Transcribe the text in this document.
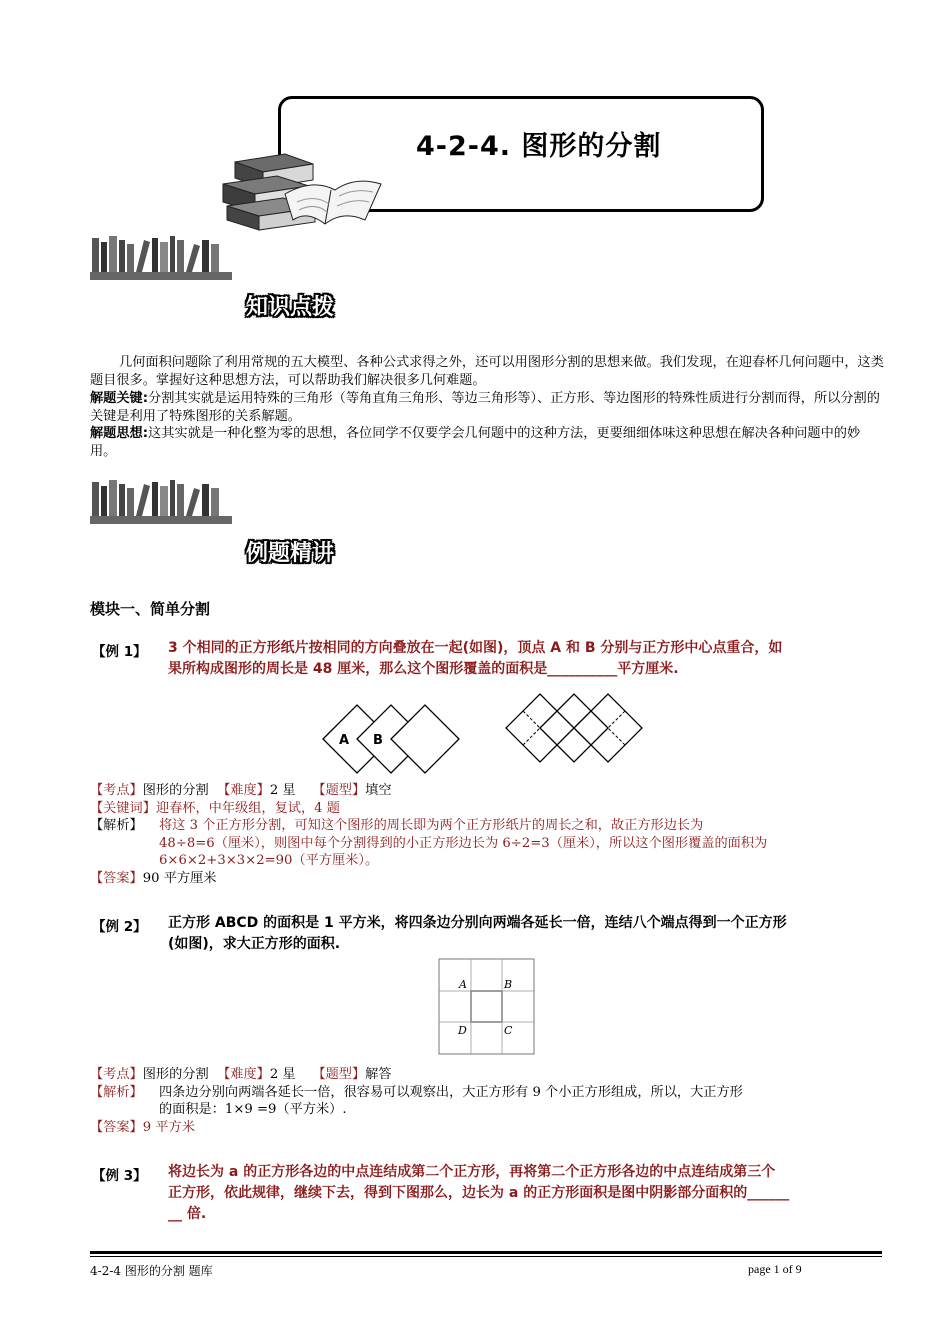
4-2-4. 图形的分割
知识点拨
几何面积问题除了利用常规的五大模型、各种公式求得之外，还可以用图形分割的思想来做。我们发现，在迎春杯几何问题中，这类题目很多。掌握好这种思想方法，可以帮助我们解决很多几何难题。
解题关键:分割其实就是运用特殊的三角形（等角直角三角形、等边三角形等）、正方形、等边图形的特殊性质进行分割而得，所以分割的关键是利用了特殊图形的关系解题。
解题思想:这其实就是一种化整为零的思想，各位同学不仅要学会几何题中的这种方法，更要细细体味这种思想在解决各种问题中的妙用。
例题精讲
模块一、简单分割
【例 1】 3 个相同的正方形纸片按相同的方向叠放在一起(如图)，顶点 A 和 B 分别与正方形中心点重合，如
果所构成图形的周长是 48 厘米，那么这个图形覆盖的面积是__________平方厘米.
A B
【考点】图形的分割 【难度】2 星 【题型】填空
【关键词】迎春杯，中年级组，复试，4 题
【解析】 将这 3 个正方形分割，可知这个图形的周长即为两个正方形纸片的周长之和，故正方形边长为
48÷8=6（厘米），则图中每个分割得到的小正方形边长为 6÷2=3（厘米），所以这个图形覆盖的面积为
6×6×2+3×3×2=90（平方厘米）。
【答案】90 平方厘米
【例 2】 正方形 ABCD 的面积是 1 平方米，将四条边分别向两端各延长一倍，连结八个端点得到一个正方形
(如图)，求大正方形的面积.
A	B
C
D
【考点】图形的分割 【难度】2 星 【题型】解答
【解析】 四条边分别向两端各延长一倍，很容易可以观察出，大正方形有 9 个小正方形组成，所以，大正方形
的面积是：1×9 =9（平方米）.
【答案】9 平方米
【例 3】 将边长为 a 的正方形各边的中点连结成第二个正方形，再将第二个正方形各边的中点连结成第三个
正方形，依此规律，继续下去，得到下图那么，边长为 a 的正方形面积是图中阴影部分面积的______
__ 倍.
4-2-4 图形的分割 题库	page 1 of 9
